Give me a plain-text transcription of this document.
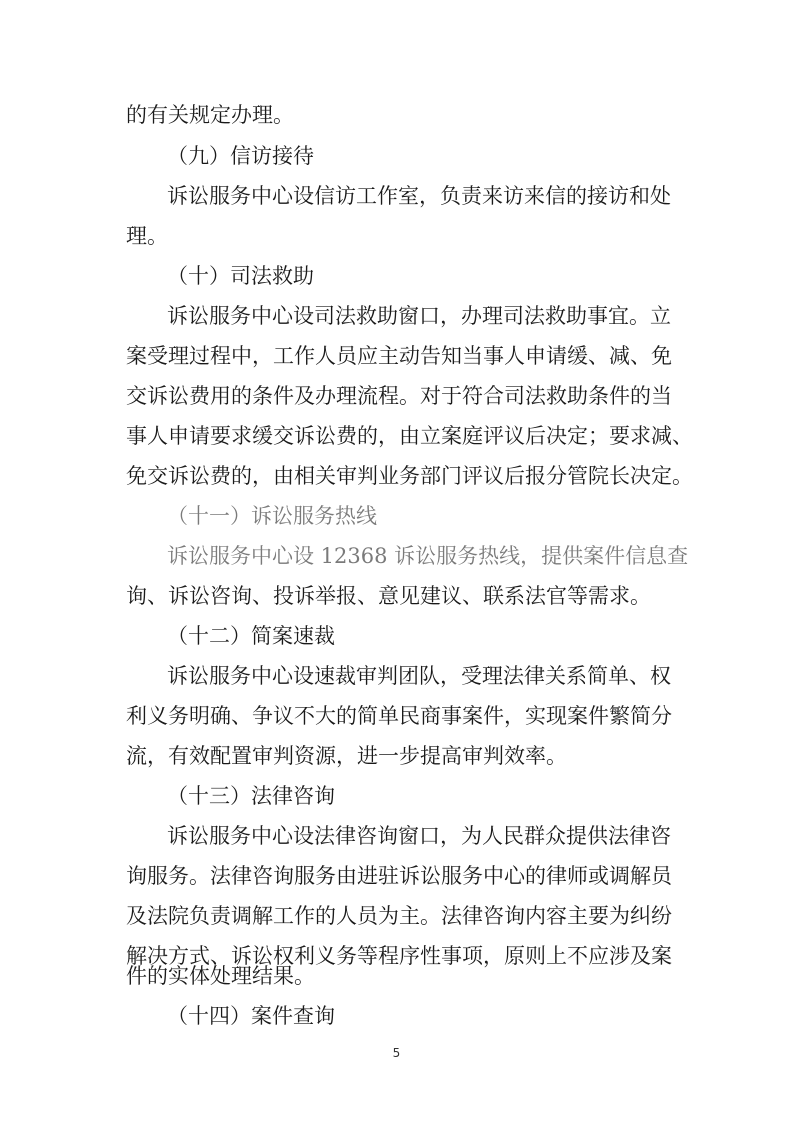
的有关规定办理。
（九）信访接待
诉讼服务中心设信访工作室，负责来访来信的接访和处
理。
（十）司法救助
诉讼服务中心设司法救助窗口，办理司法救助事宜。立
案受理过程中，工作人员应主动告知当事人申请缓、减、免
交诉讼费用的条件及办理流程。对于符合司法救助条件的当
事人申请要求缓交诉讼费的，由立案庭评议后决定；要求减、
免交诉讼费的，由相关审判业务部门评议后报分管院长决定。
（十一）诉讼服务热线
诉讼服务中心设 12368 诉讼服务热线，提供案件信息查
询、诉讼咨询、投诉举报、意见建议、联系法官等需求。
（十二）简案速裁
诉讼服务中心设速裁审判团队，受理法律关系简单、权
利义务明确、争议不大的简单民商事案件，实现案件繁简分
流，有效配置审判资源，进一步提高审判效率。
（十三）法律咨询
诉讼服务中心设法律咨询窗口，为人民群众提供法律咨
询服务。法律咨询服务由进驻诉讼服务中心的律师或调解员
及法院负责调解工作的人员为主。法律咨询内容主要为纠纷
解决方式、诉讼权利义务等程序性事项，原则上不应涉及案
件的实体处理结果。
（十四）案件查询
5
